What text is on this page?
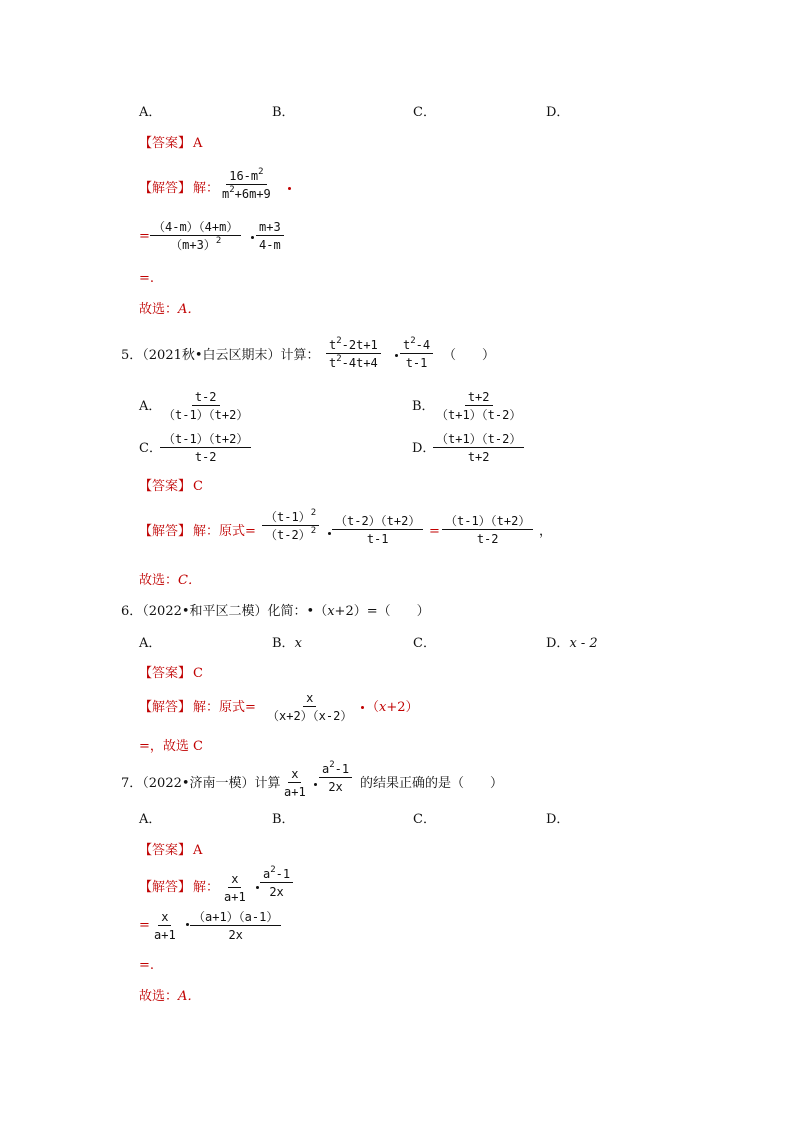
A．	B．	C．	D．
【答案】 A
【解答】 解： $\frac{16-m^2}{m^2+6m+9}$
= $\frac{(4-m)(4+m)}{(m+3)^2} \frac{m+3}{4-m}$
=.
故选：A．
5．（2021秋•白云区期末）计算： $\frac{t^2-2t+1}{t^2-4t+4} \frac{t^2-4}{t-1}$ （　　）
A．
$\frac{t-2}{(t-1)(t+2)}$	B．
$\frac{t+2}{(t+1)(t-2)}$
C．
$\frac{(t-1)(t+2)}{t-2}$	D．
$\frac{(t+1)(t-2)}{t+2}$
【答案】 C
【解答】 解：原式= $\frac{(t-1)^2}{(t-2)^2} \frac{(t-2)(t+2)}{t-1} = \frac{(t-1)(t+2)}{t-2}$ ，
故选：C．
6．（2022•和平区二模）化简：•（x+2）=（　　）
A．	B．x	C．	D．x - 2
【答案】 C
【解答】 解：原式= $\frac{x}{(x+2)(x-2)} (x+2)$
=，故选 C
7．（2022•济南一模）计算 $\frac{x}{a+1} \frac{a^2-1}{2x}$ 的结果正确的是（　　）
A．	B．	C．	D．
【答案】 A
【解答】 解： $\frac{x}{a+1} \frac{a^2-1}{2x}$
= $\frac{x}{a+1} \frac{(a+1)(a-1)}{2x}$
=.
故选：A．
